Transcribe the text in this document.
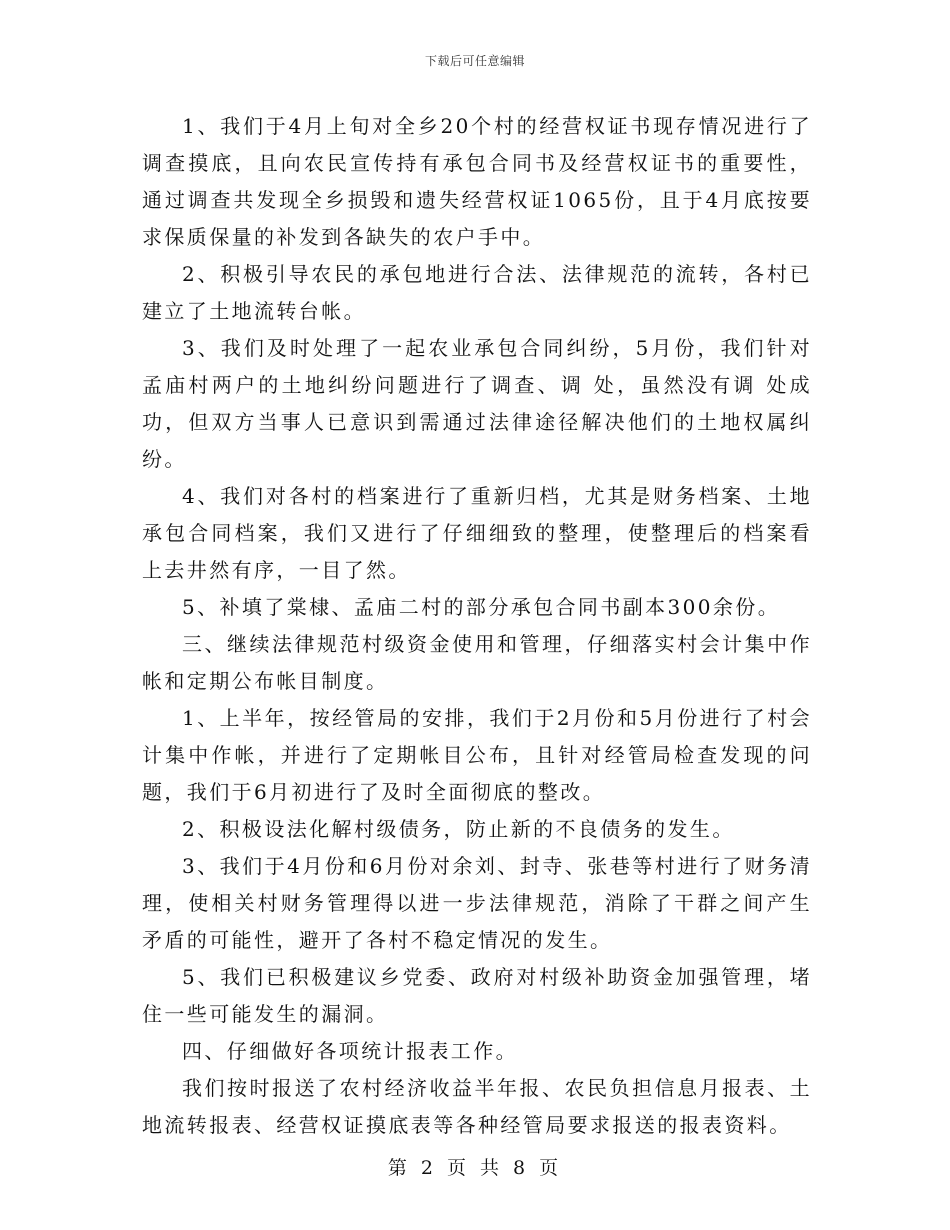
下载后可任意编辑

1、我们于4月上旬对全乡20个村的经营权证书现存情况进行了调查摸底，且向农民宣传持有承包合同书及经营权证书的重要性，通过调查共发现全乡损毁和遗失经营权证1065份，且于4月底按要求保质保量的补发到各缺失的农户手中。

2、积极引导农民的承包地进行合法、法律规范的流转，各村已建立了土地流转台帐。

3、我们及时处理了一起农业承包合同纠纷，5月份，我们针对孟庙村两户的土地纠纷问题进行了调查、调 处，虽然没有调 处成功，但双方当事人已意识到需通过法律途径解决他们的土地权属纠纷。

4、我们对各村的档案进行了重新归档，尤其是财务档案、土地承包合同档案，我们又进行了仔细细致的整理，使整理后的档案看上去井然有序，一目了然。

5、补填了棠棣、孟庙二村的部分承包合同书副本300余份。

三、继续法律规范村级资金使用和管理，仔细落实村会计集中作帐和定期公布帐目制度。

1、上半年，按经管局的安排，我们于2月份和5月份进行了村会计集中作帐，并进行了定期帐目公布，且针对经管局检查发现的问题，我们于6月初进行了及时全面彻底的整改。

2、积极设法化解村级债务，防止新的不良债务的发生。

3、我们于4月份和6月份对余刘、封寺、张巷等村进行了财务清理，使相关村财务管理得以进一步法律规范，消除了干群之间产生矛盾的可能性，避开了各村不稳定情况的发生。

5、我们已积极建议乡党委、政府对村级补助资金加强管理，堵住一些可能发生的漏洞。

四、仔细做好各项统计报表工作。

我们按时报送了农村经济收益半年报、农民负担信息月报表、土地流转报表、经营权证摸底表等各种经管局要求报送的报表资料。

第 2 页 共 8 页
